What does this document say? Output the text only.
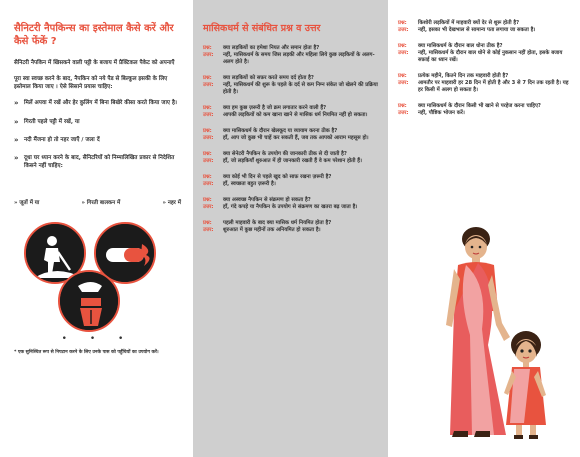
सैनिटरी नैपकिन्स का इस्तेमाल कैसे करें और कैसे फेंकें ?
सैनिटरी नैपकिन में खिसकने वाली पट्टी के बजाय में प्रैक्टिकल पैकेट को अपनाएँ
पूरा स्वा स्वच्छ करने के बाद, नैपकिन को नये पैड से बिल्कुल इसकी के लिए इस्तेमाल किया जाए । ऐसे सिसाने प्रयास चाहिए:
» मिलें अपवा में रखें और हेर कुलिंग में बिना बिखेरे कीसा करते किया जाए है।
» गिरती पहले पट्टी में रखें, या
» नदी मैंजना हो तो नहर जाएँ / जला दें
» दूधा घर ध्यान करने के बाद, सैनिटरियों को निम्मालिखित प्रकार से निदेशित किसने नहीं चाहिए:
» जूतों में या	» गिरती बालकन में	» नहर में
• • •
* एक सुनिश्चित रूप से निपटान करने के लिए उनके पास को पहुँचियों का उपयोग करें।
मासिकधर्म से संबंधित प्रश्न व उत्तर
प्रश्न:	क्या लड़कियों का हमेशा नियत और समान होता है?
उत्तर:	नहीं, मासिकधर्म के समय जिस लड़की और महिला लिये कुछ लड़कियों के अलग-अलग होते है।
प्रश्न:	क्या लड़कियों को सफ़र करते समय दर्द होता है?
उत्तर:	नहीं, मासिकधर्म की शुरू के पहले के दर्द से कम निम्न संकेत जो खेलने की प्रक्रिया होती है।
प्रश्न:	क्या हम कुछ ज़रूरी है जो क्रम लगातार करने वाली हैं?
उत्तर:	आपकी लड़कियों को कम खाना खाने से मासिक धर्म नियमित नहीं हो सकता।
प्रश्न:	क्या मासिकधर्म के दौरान खेलकूद या व्यायाम करना ठीक है?
उत्तर:	हाँ, आप जो कुछ भी चाहें कर सकती हैं, जब तक आपको आराम महसूस हो।
प्रश्न:	क्या सेनेटरी नैपकिन के उपयोग की जानकारी ठीक से दी जाती है?
उत्तर:	हाँ, जो लड़कियाँ शुरुआत में ही जानकारी रखती हैं वे कम परेशान होती हैं।
प्रश्न:	क्या कोई भी दिन से पहले खुद को साफ़ रखना ज़रूरी है?
उत्तर:	हाँ, स्वच्छता बहुत ज़रूरी है।
प्रश्न:	क्या अस्वच्छ नैपकिन से संक्रमण हो सकता है?
उत्तर:	हाँ, गंदे कपड़े या नैपकिन के उपयोग से संक्रमण का खतरा बढ़ जाता है।
प्रश्न:	पहली माहवारी के बाद क्या मासिक धर्म नियमित होता है?
उत्तर:	शुरुआत में कुछ महीनों तक अनियमित हो सकता है।
प्रश्न:	किशोरी लड़कियों में माहवारी क्यों देर से शुरू होती है?
उत्तर:	नहीं, इसका भी देखभाल से सामान्य पता लगाया जा सकता है।
प्रश्न:	क्या मासिकधर्म के दौरान बाल धोना ठीक है?
उत्तर:	नहीं, मासिकधर्म के दौरान बाल धोने से कोई नुकसान नहीं होता, इसके बजाय सफ़ाई का ध्यान रखें।
प्रश्न:	प्रत्येक महीने, कितने दिन तक माहवारी होती है?
उत्तर:	आमतौर पर माहवारी हर 28 दिन में होती है और 3 से 7 दिन तक रहती है। यह हर किसी में अलग हो सकता है।
प्रश्न:	क्या मासिकधर्म के दौरान किसी भी खाने से परहेज करना चाहिए?
उत्तर:	नहीं, पौष्टिक भोजन करें।
